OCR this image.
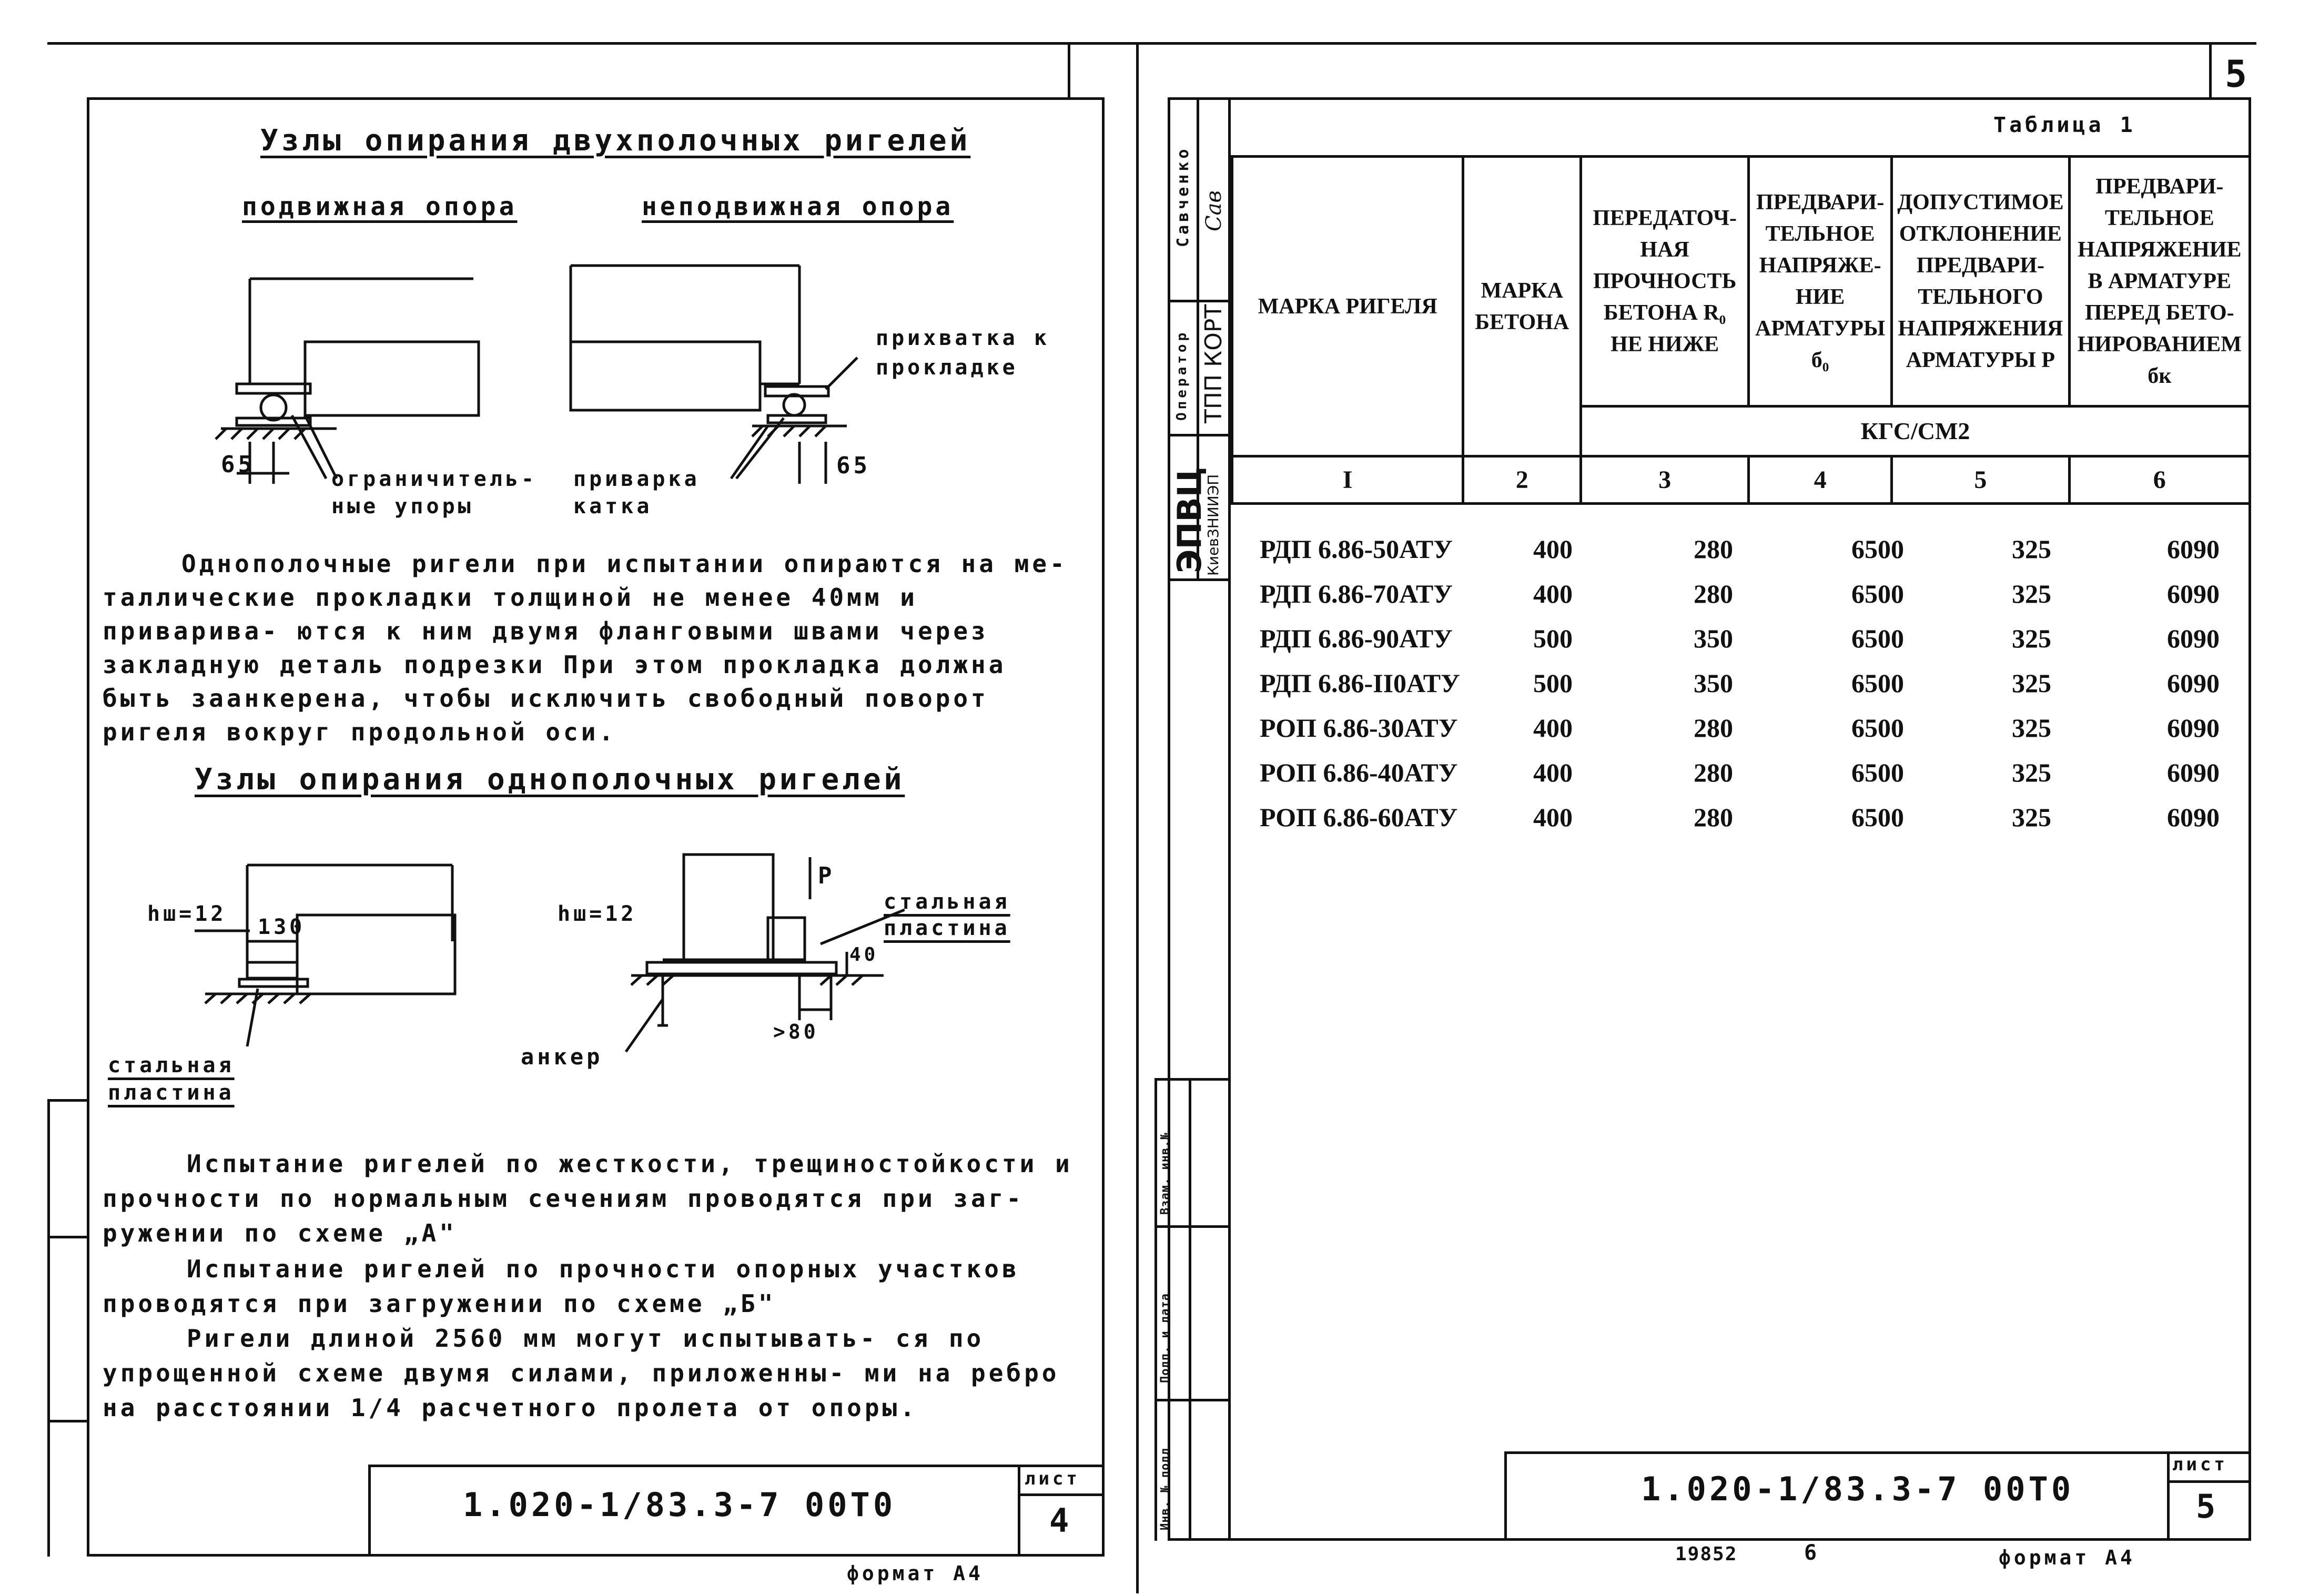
5
Узлы опирания двухполочных ригелей
подвижная опора	неподвижная опора
65
ограничитель- ные упоры
прихватка к прокладке
65
приварка катка
Однополочные ригели при испытании опираются на ме- таллические прокладки толщиной не менее 40мм и приварива- ются к ним двумя фланговыми швами через закладную деталь подрезки При этом прокладка должна быть заанкерена, чтобы исключить свободный поворот ригеля вокруг продольной оси.
Узлы опирания однополочных ригелей
hш=12
130
hш=12
P
стальная пластина
40
>80
анкер
стальная пластина
Испытание ригелей по жесткости, трещиностойкости и прочности по нормальным сечениям проводятся при заг- ружении по схеме „А"
Испытание ригелей по прочности опорных участков проводятся при загружении по схеме „Б"
Ригели длиной 2560 мм могут испытывать- ся по упрощенной схеме двумя силами, приложенны- ми на ребро на расстоянии 1/4 расчетного пролета от опоры.
1.020-1/83.3-7 00Т0
лист
4
формат А4
Савченко Сав
Оператор ТПП КОРТ
ЭПВЦ
КиевЗНИИЭП
Взам. инв.№
Подп. и дата
Инв. № подл
Таблица 1
МАРКА РИГЕЛЯ	МАРКА БЕТОНА	ПЕРЕДАТОЧ- НАЯ ПРОЧНОСТЬ БЕТОНА R₀ НЕ НИЖЕ	ПРЕДВАРИ- ТЕЛЬНОЕ НАПРЯЖЕ- НИЕ АРМАТУРЫ б₀	ДОПУСТИМОЕ ОТКЛОНЕНИЕ ПРЕДВАРИ- ТЕЛЬНОГО НАПРЯЖЕНИЯ АРМАТУРЫ P	ПРЕДВАРИ- ТЕЛЬНОЕ НАПРЯЖЕНИЕ В АРМАТУРЕ ПЕРЕД БЕТО- НИРОВАНИЕМ бк
		КГС/СМ2			
I	2	3	4	5	6
РДП 6.86-50АТУ	400	280	6500	325	6090
РДП 6.86-70АТУ	400	280	6500	325	6090
РДП 6.86-90АТУ	500	350	6500	325	6090
РДП 6.86-II0АТУ	500	350	6500	325	6090
РОП 6.86-30АТУ	400	280	6500	325	6090
РОП 6.86-40АТУ	400	280	6500	325	6090
РОП 6.86-60АТУ	400	280	6500	325	6090
1.020-1/83.3-7 00Т0
лист
5
19852	6	формат А4
